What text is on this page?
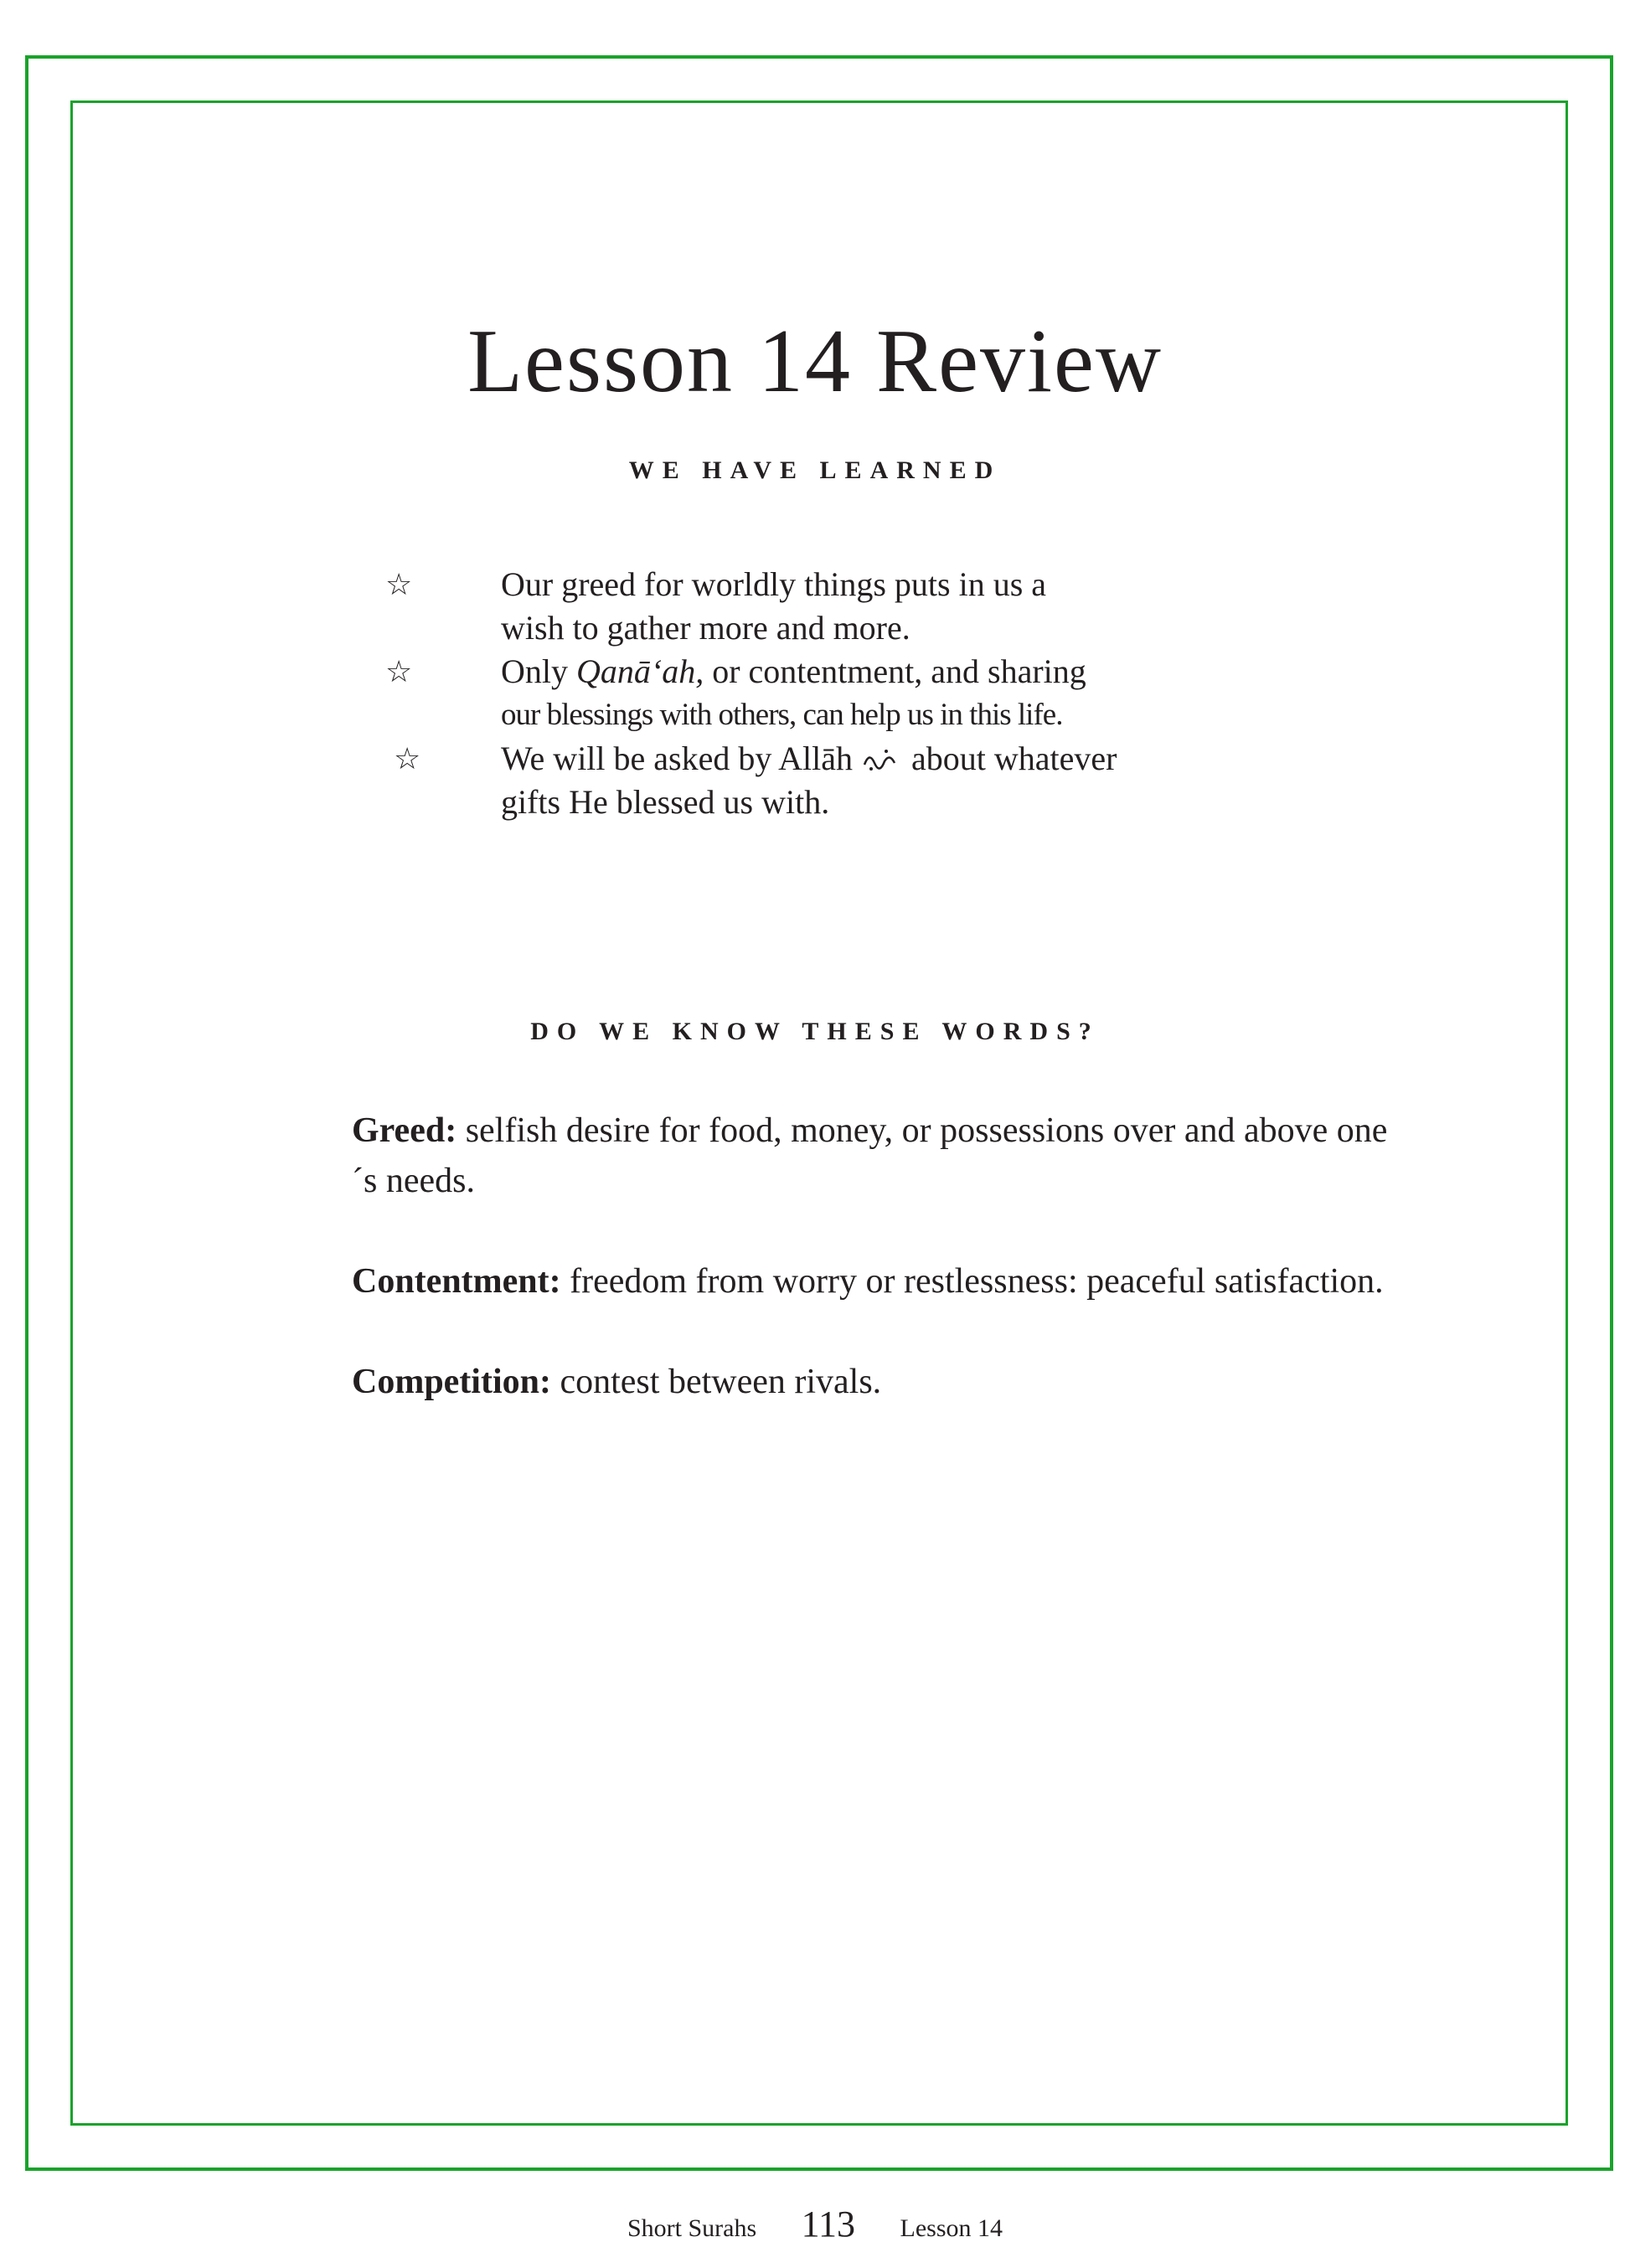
Lesson 14 Review
WE HAVE LEARNED
☆	Our greed for worldly things puts in us a
wish to gather more and more.
☆	Only Qanā‘ah, or contentment, and sharing
our blessings with others, can help us in this life.
☆	We will be asked by Allāh  about whatever
gifts He blessed us with.
DO WE KNOW THESE WORDS?

Greed: selfish desire for food, money, or possessions over and above one´s needs.

Contentment: freedom from worry or restlessness: peaceful satisfaction.

Competition: contest between rivals.

Short Surahs 113 Lesson 14
